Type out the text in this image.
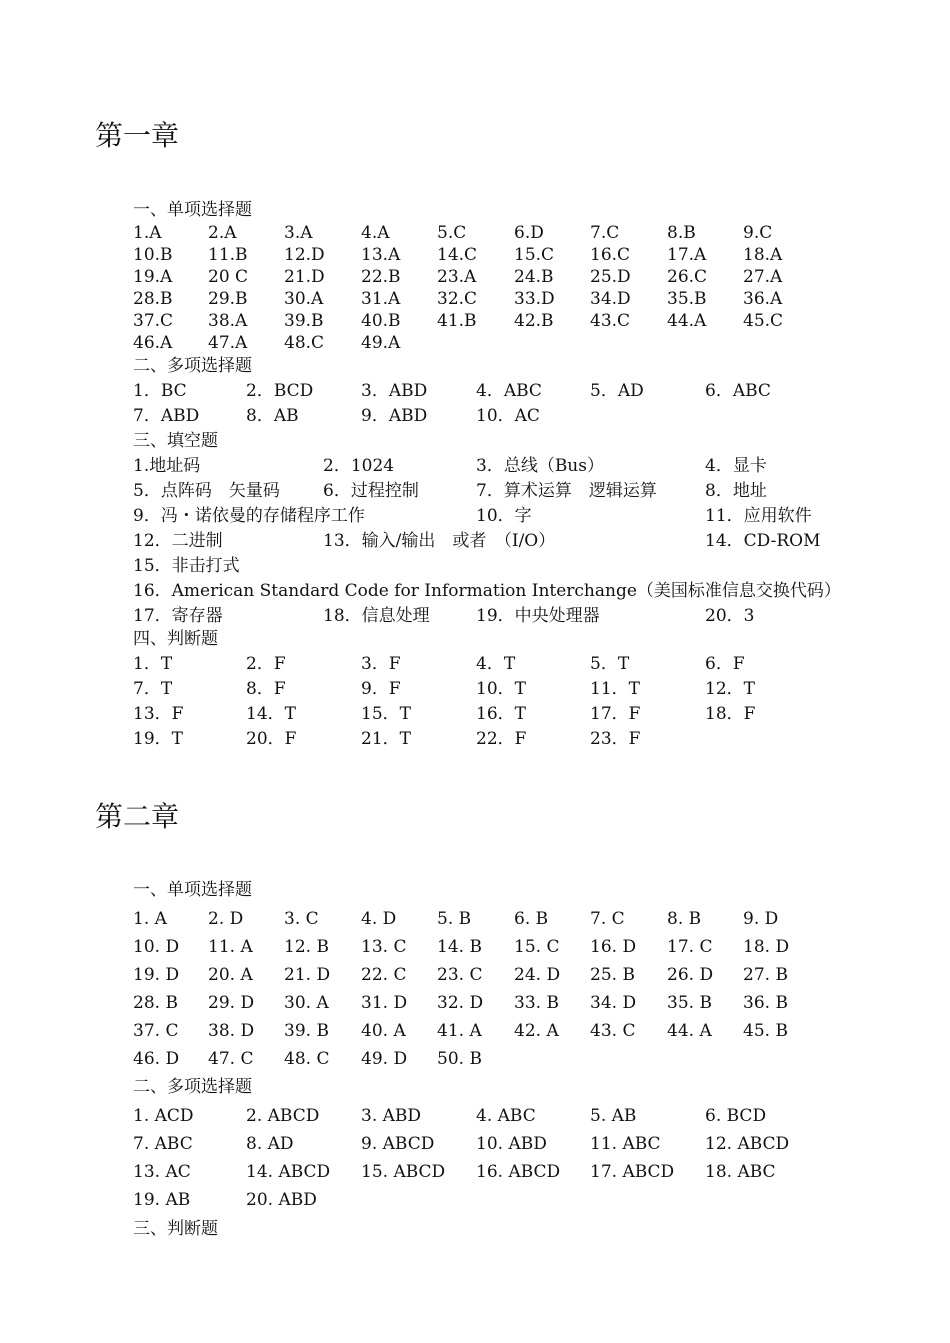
第一章
一、单项选择题
1.A	2.A	3.A	4.A	5.C	6.D	7.C	8.B	9.C
10.B 11.B 12.D 13.A 14.C 15.C 16.C 17.A 18.A
19.A 20 C 21.D 22.B 23.A 24.B 25.D 26.C 27.A
28.B 29.B 30.A 31.A 32.C 33.D 34.D 35.B 36.A
37.C 38.A 39.B 40.B 41.B 42.B 43.C 44.A 45.C
46.A 47.A 48.C 49.A
二、多项选择题
1．BC	2．BCD	3．ABD	4．ABC	5．AD	6．ABC
7．ABD	8．AB	9．ABD	10．AC
三、填空题
1.地址码	2．1024	3．总线（Bus）	4．显卡
5．点阵码　矢量码	6．过程控制	7．算术运算　逻辑运算	8．地址
9．冯・诺依曼的存储程序工作	10．字	11．应用软件
12．二进制	13．输入/输出　或者　（I/O）	14．CD-ROM
15．非击打式
16．American Standard Code for Information Interchange（美国标准信息交换代码）
17．寄存器	18．信息处理	19．中央处理器	20．3
四、判断题
1．T	2．F	3．F	4．T	5．T	6．F
7．T	8．F	9．F	10．T	11．T	12．T
13．F	14．T	15．T	16．T	17．F	18．F
19．T	20．F	21．T	22．F	23．F
第二章
一、单项选择题
1. A 2. D 3. C 4. D 5. B	6. B 7. C 8. B 9. D
10. D 11. A 12. B 13. C 14. B 15. C 16. D 17. C 18. D
19. D 20. A 21. D 22. C 23. C 24. D 25. B 26. D 27. B
28. B 29. D 30. A 31. D 32. D 33. B 34. D 35. B 36. B
37. C 38. D 39. B 40. A 41. A 42. A 43. C 44. A 45. B
46. D 47. C 48. C 49. D 50. B
二、多项选择题
1. ACD	2. ABCD 3. ABD	4. ABC	5. AB	6. BCD
7. ABC	8. AD	9. ABCD 10. ABD	11. ABC	12. ABCD
13. AC	14. ABCD 15. ABCD 16. ABCD 17. ABCD 18. ABC
19. AB	20. ABD
三、判断题
